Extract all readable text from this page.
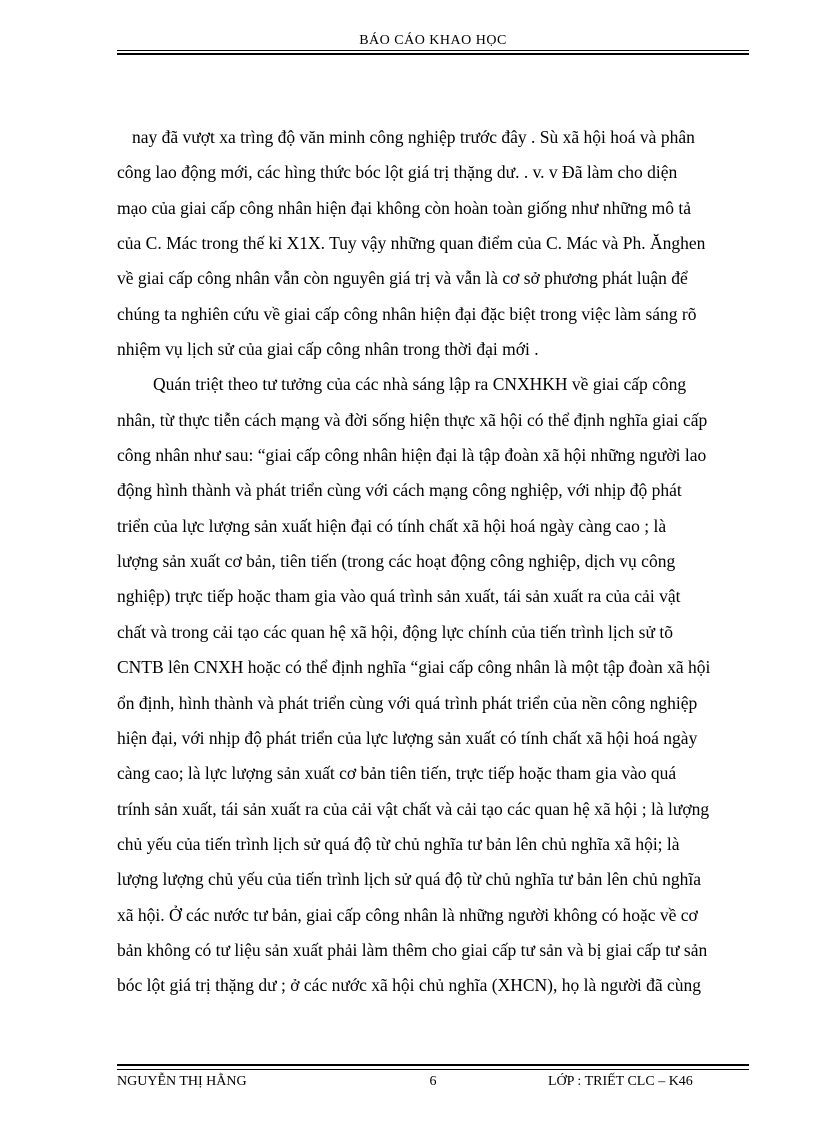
BÁO CÁO KHAO HỌC
nay đã vượt xa trìng độ văn minh công nghiệp trước đây . Sù xã hội hoá và phân
công lao động mới, các hìng thức bóc lột giá trị thặng dư. . v. v Đã làm cho diện
mạo của giai cấp công nhân hiện đại không còn hoàn toàn giống như những mô tả
của C. Mác trong thế kỉ X1X. Tuy vậy những quan điểm của C. Mác và Ph. Ănghen
về giai cấp công nhân vẫn còn nguyên giá trị và vẫn là cơ sở phương phát luận để
chúng ta nghiên cứu về giai cấp công nhân hiện đại đặc biệt trong việc làm sáng rõ
nhiệm vụ lịch sử của giai cấp công nhân trong thời đại mới .
Quán triệt theo tư tưởng của các nhà sáng lập ra CNXHKH về giai cấp công
nhân, từ thực tiễn cách mạng và đời sống hiện thực xã hội có thể định nghĩa giai cấp
công nhân như sau: “giai cấp công nhân hiện đại là tập đoàn xã hội những người lao
động hình thành và phát triển cùng với cách mạng công nghiệp, với nhịp độ phát
triển của lực lượng sản xuất hiện đại có tính chất xã hội hoá ngày càng cao ; là
lượng sản xuất cơ bản, tiên tiến (trong các hoạt động công nghiệp, dịch vụ công
nghiệp) trực tiếp hoặc tham gia vào quá trình sản xuất, tái sản xuất ra của cải vật
chất và trong cải tạo các quan hệ xã hội, động lực chính của tiến trình lịch sử tõ
CNTB lên CNXH hoặc có thể định nghĩa “giai cấp công nhân là một tập đoàn xã hội
ổn định, hình thành và phát triển cùng với quá trình phát triển của nền công nghiệp
hiện đại, với nhịp độ phát triển của lực lượng sản xuất có tính chất xã hội hoá ngày
càng cao; là lực lượng sản xuất cơ bản tiên tiến, trực tiếp hoặc tham gia vào quá
trính sản xuất, tái sản xuất ra của cải vật chất và cải tạo các quan hệ xã hội ; là lượng
chủ yếu của tiến trình lịch sử quá độ từ chủ nghĩa tư bản lên chủ nghĩa xã hội; là
lượng lượng chủ yếu của tiến trình lịch sử quá độ từ chủ nghĩa tư bản lên chủ nghĩa
xã hội. Ở các nước tư bản, giai cấp công nhân là những người không có hoặc về cơ
bản không có tư liệu sản xuất phải làm thêm cho giai cấp tư sản và bị giai cấp tư sản
bóc lột giá trị thặng dư ; ở các nước xã hội chủ nghĩa (XHCN), họ là người đã cùng
NGUYỄN THỊ HẰNG	6	LỚP : TRIẾT CLC – K46
